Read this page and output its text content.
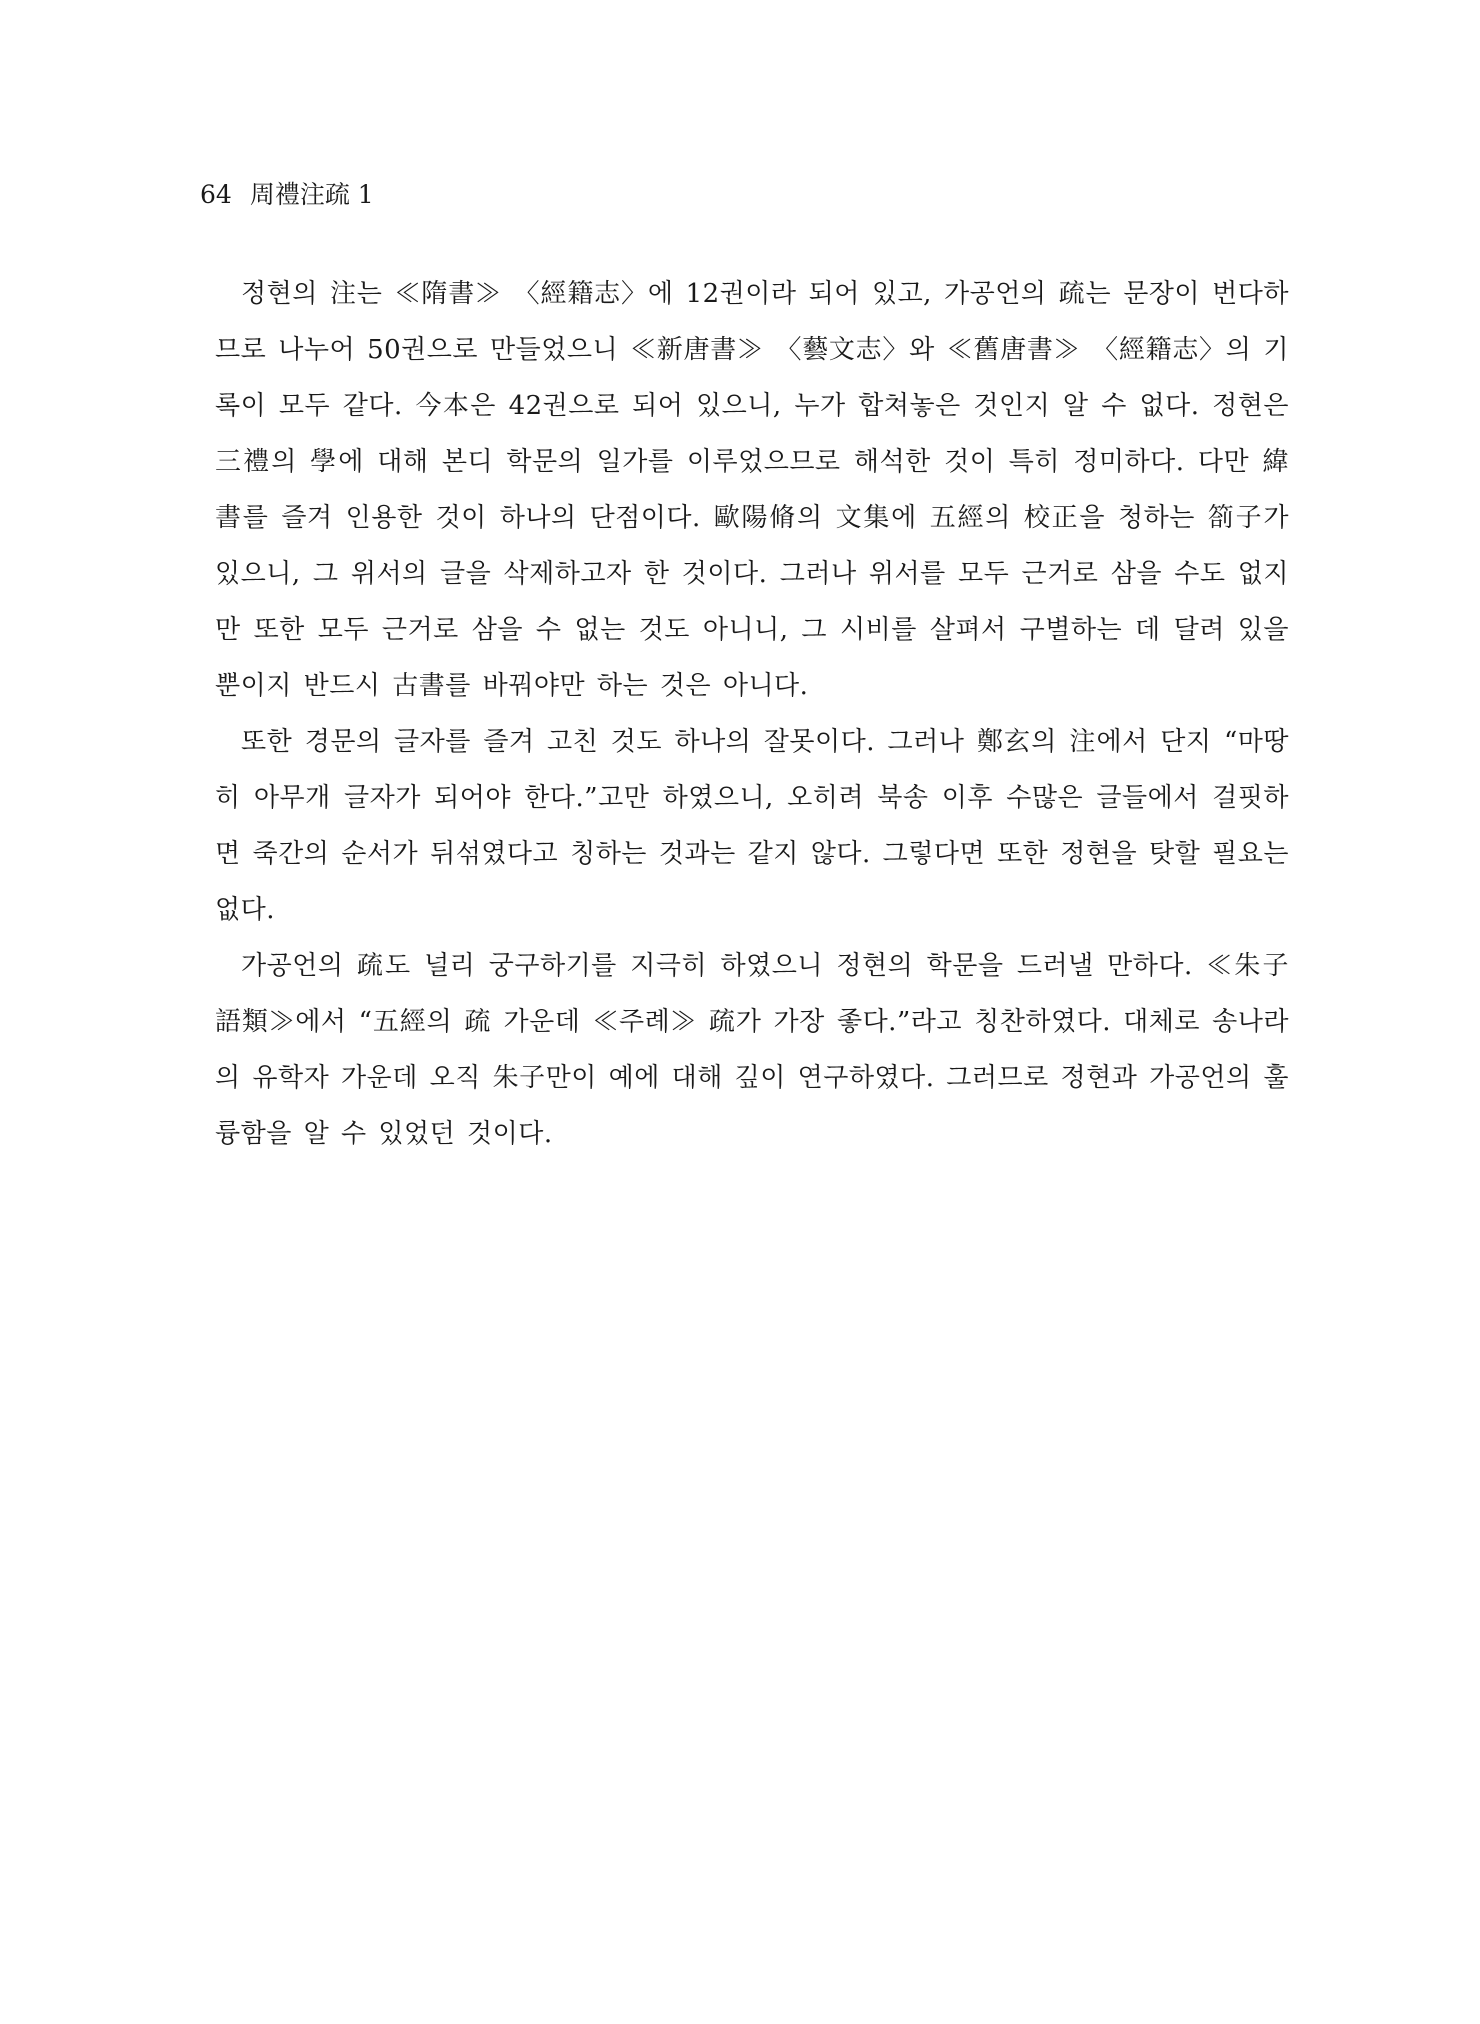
64 周禮注疏 1

정현의 注는 ≪隋書≫ 〈經籍志〉에 12권이라 되어 있고, 가공언의 疏는 문장이 번다하므로 나누어 50권으로 만들었으니 ≪新唐書≫ 〈藝文志〉와 ≪舊唐書≫ 〈經籍志〉의 기록이 모두 같다. 今本은 42권으로 되어 있으니, 누가 합쳐놓은 것인지 알 수 없다. 정현은 三禮의 學에 대해 본디 학문의 일가를 이루었으므로 해석한 것이 특히 정미하다. 다만 緯書를 즐겨 인용한 것이 하나의 단점이다. 歐陽脩의 文集에 五經의 校正을 청하는 箚子가 있으니, 그 위서의 글을 삭제하고자 한 것이다. 그러나 위서를 모두 근거로 삼을 수도 없지만 또한 모두 근거로 삼을 수 없는 것도 아니니, 그 시비를 살펴서 구별하는 데 달려 있을 뿐이지 반드시 古書를 바꿔야만 하는 것은 아니다.

또한 경문의 글자를 즐겨 고친 것도 하나의 잘못이다. 그러나 鄭玄의 注에서 단지 “마땅히 아무개 글자가 되어야 한다.”고만 하였으니, 오히려 북송 이후 수많은 글들에서 걸핏하면 죽간의 순서가 뒤섞였다고 칭하는 것과는 같지 않다. 그렇다면 또한 정현을 탓할 필요는 없다.

가공언의 疏도 널리 궁구하기를 지극히 하였으니 정현의 학문을 드러낼 만하다. ≪朱子語類≫에서 “五經의 疏 가운데 ≪주례≫ 疏가 가장 좋다.”라고 칭찬하였다. 대체로 송나라의 유학자 가운데 오직 朱子만이 예에 대해 깊이 연구하였다. 그러므로 정현과 가공언의 훌륭함을 알 수 있었던 것이다.
